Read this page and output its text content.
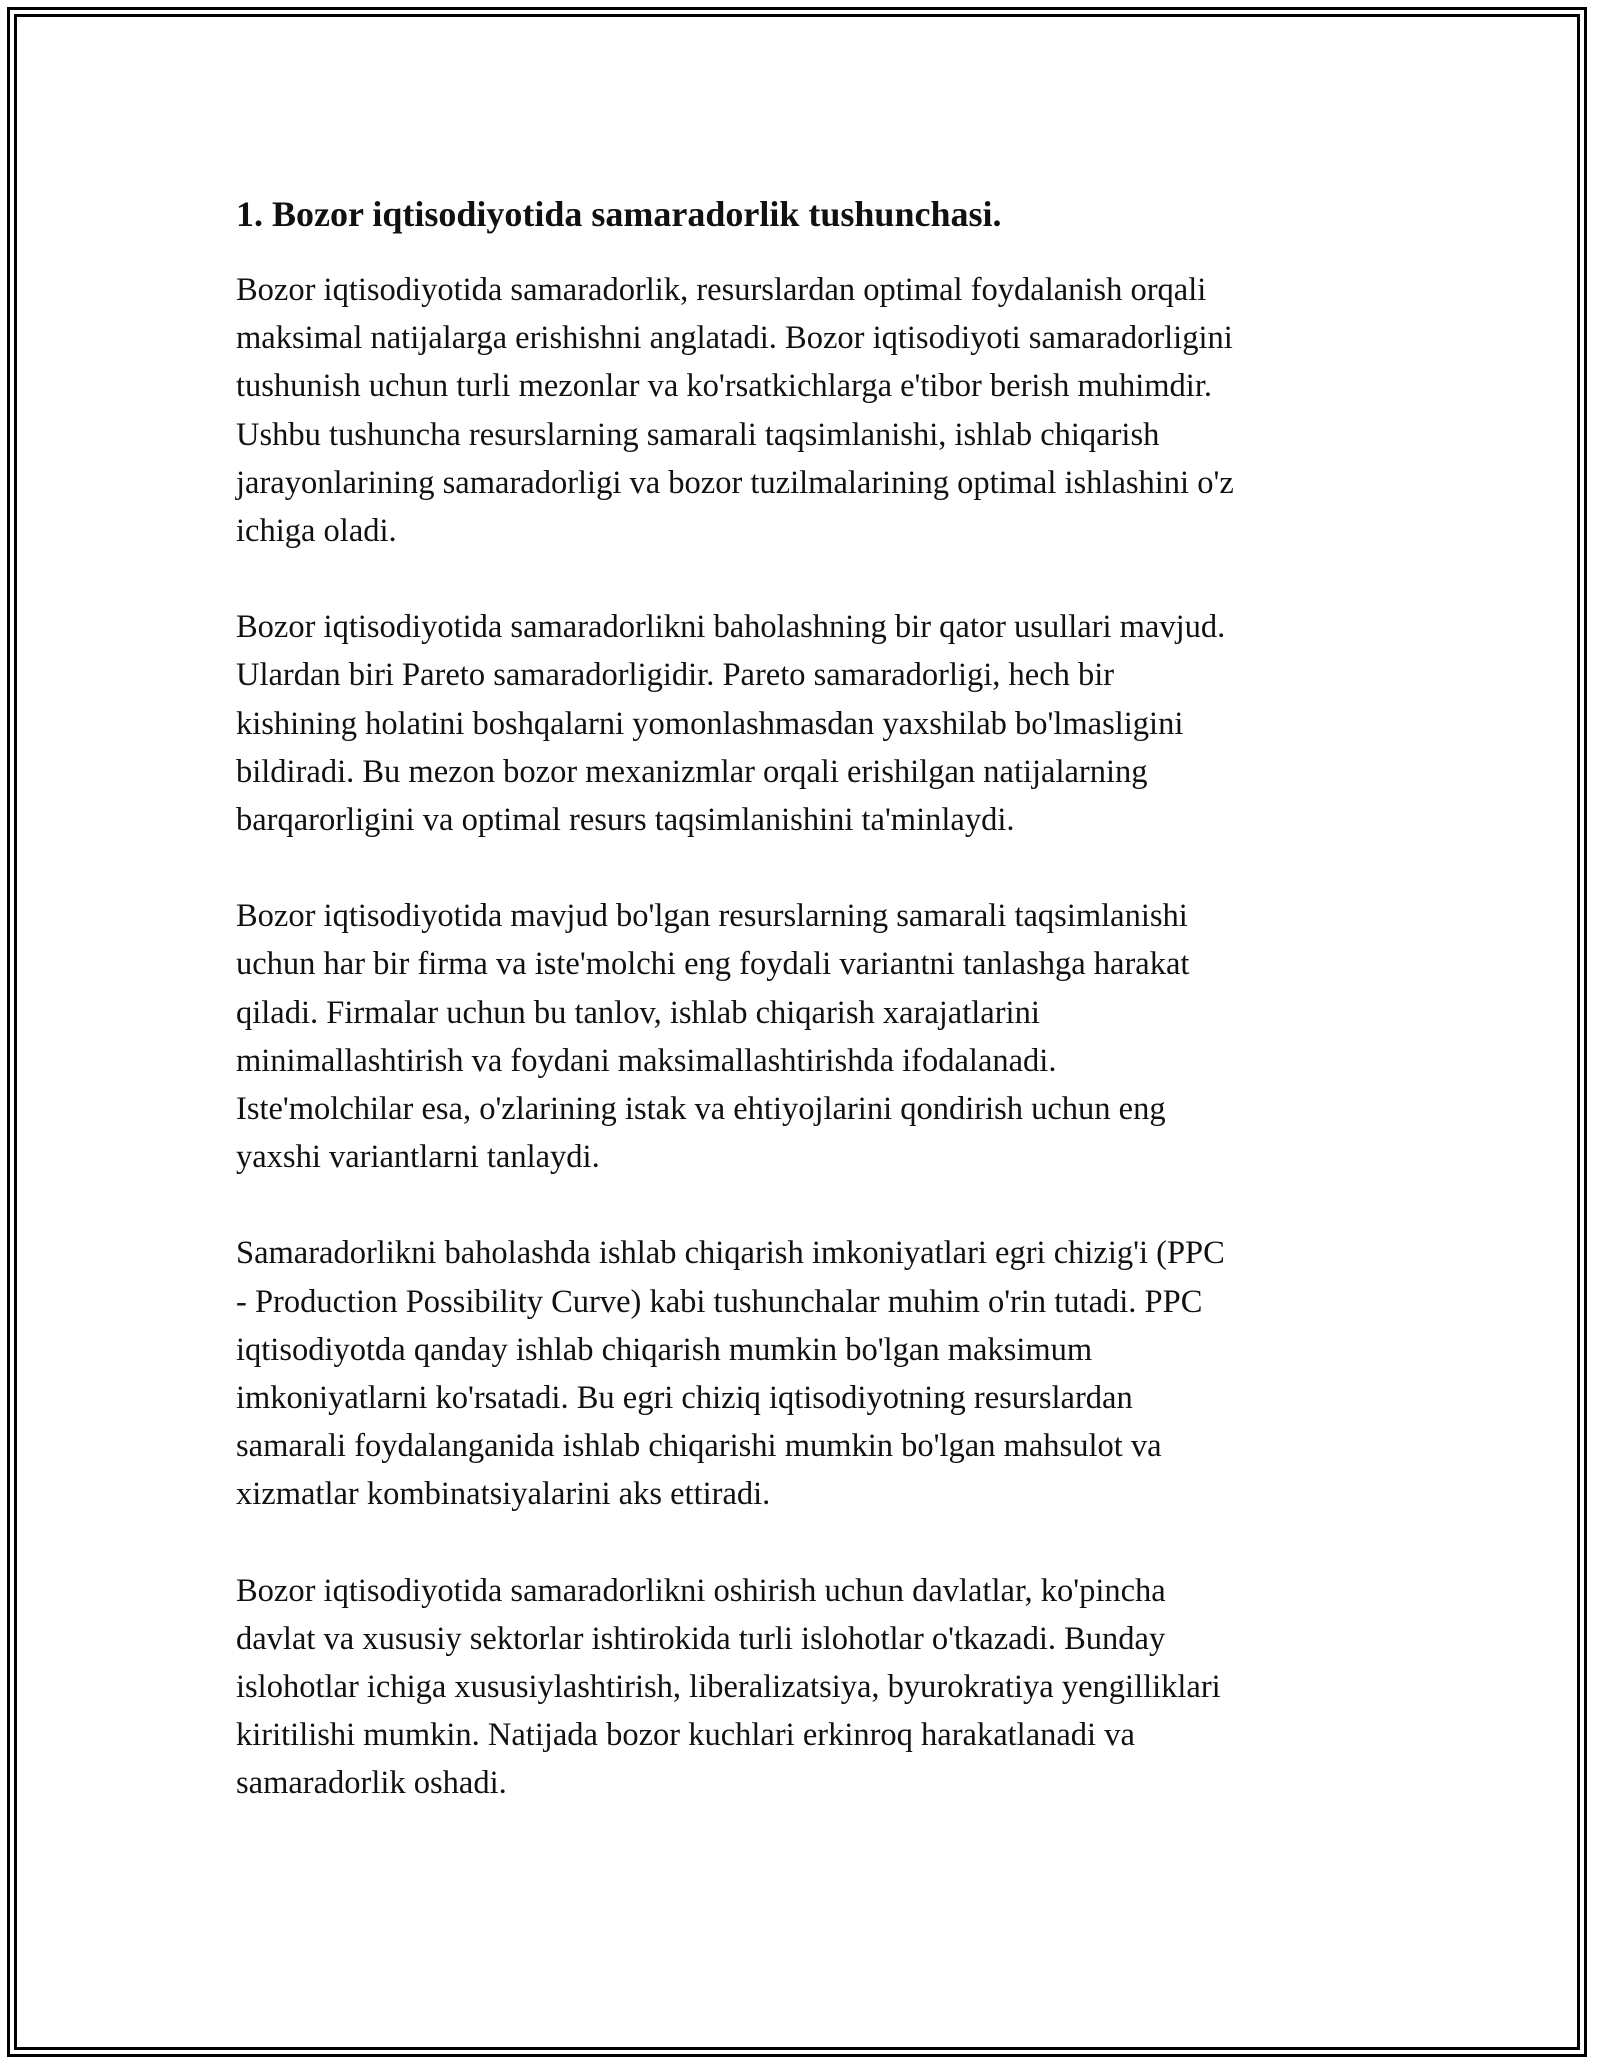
1. Bozor iqtisodiyotida samaradorlik tushunchasi.

Bozor iqtisodiyotida samaradorlik, resurslardan optimal foydalanish orqali
maksimal natijalarga erishishni anglatadi. Bozor iqtisodiyoti samaradorligini
tushunish uchun turli mezonlar va ko'rsatkichlarga e'tibor berish muhimdir.
Ushbu tushuncha resurslarning samarali taqsimlanishi, ishlab chiqarish
jarayonlarining samaradorligi va bozor tuzilmalarining optimal ishlashini o'z
ichiga oladi.

Bozor iqtisodiyotida samaradorlikni baholashning bir qator usullari mavjud.
Ulardan biri Pareto samaradorligidir. Pareto samaradorligi, hech bir
kishining holatini boshqalarni yomonlashmasdan yaxshilab bo'lmasligini
bildiradi. Bu mezon bozor mexanizmlar orqali erishilgan natijalarning
barqarorligini va optimal resurs taqsimlanishini ta'minlaydi.

Bozor iqtisodiyotida mavjud bo'lgan resurslarning samarali taqsimlanishi
uchun har bir firma va iste'molchi eng foydali variantni tanlashga harakat
qiladi. Firmalar uchun bu tanlov, ishlab chiqarish xarajatlarini
minimallashtirish va foydani maksimallashtirishda ifodalanadi.
Iste'molchilar esa, o'zlarining istak va ehtiyojlarini qondirish uchun eng
yaxshi variantlarni tanlaydi.

Samaradorlikni baholashda ishlab chiqarish imkoniyatlari egri chizig'i (PPC
- Production Possibility Curve) kabi tushunchalar muhim o'rin tutadi. PPC
iqtisodiyotda qanday ishlab chiqarish mumkin bo'lgan maksimum
imkoniyatlarni ko'rsatadi. Bu egri chiziq iqtisodiyotning resurslardan
samarali foydalanganida ishlab chiqarishi mumkin bo'lgan mahsulot va
xizmatlar kombinatsiyalarini aks ettiradi.

Bozor iqtisodiyotida samaradorlikni oshirish uchun davlatlar, ko'pincha
davlat va xususiy sektorlar ishtirokida turli islohotlar o'tkazadi. Bunday
islohotlar ichiga xususiylashtirish, liberalizatsiya, byurokratiya yengilliklari
kiritilishi mumkin. Natijada bozor kuchlari erkinroq harakatlanadi va
samaradorlik oshadi.
